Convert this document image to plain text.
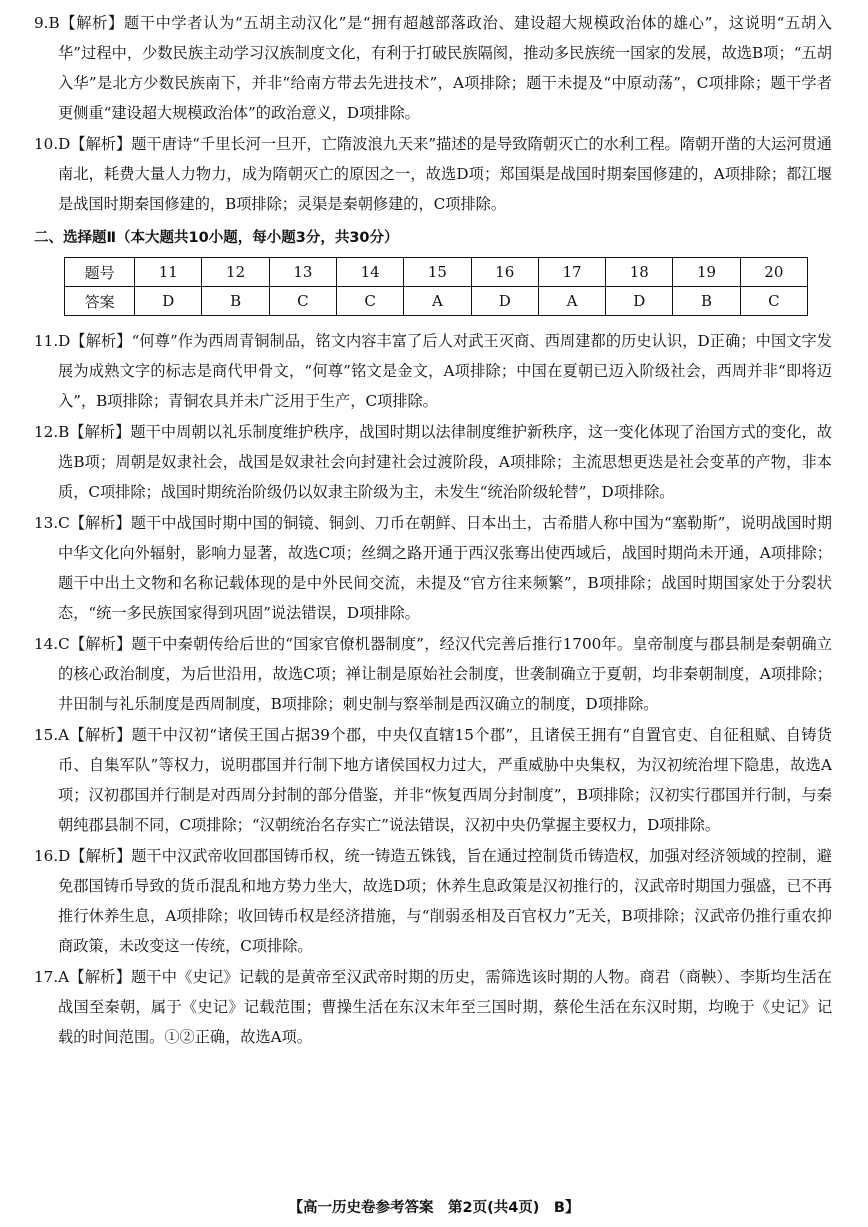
9.B【解析】题干中学者认为“五胡主动汉化”是“拥有超越部落政治、建设超大规模政治体的雄心”，这说明“五胡入华”过程中，少数民族主动学习汉族制度文化，有利于打破民族隔阂，推动多民族统一国家的发展，故选B项；“五胡入华”是北方少数民族南下，并非“给南方带去先进技术”，A项排除；题干未提及“中原动荡”，C项排除；题干学者更侧重“建设超大规模政治体”的政治意义，D项排除。

10.D【解析】题干唐诗“千里长河一旦开，亡隋波浪九天来”描述的是导致隋朝灭亡的水利工程。隋朝开凿的大运河贯通南北，耗费大量人力物力，成为隋朝灭亡的原因之一，故选D项；郑国渠是战国时期秦国修建的，A项排除；都江堰是战国时期秦国修建的，B项排除；灵渠是秦朝修建的，C项排除。

二、选择题Ⅱ（本大题共10小题，每小题3分，共30分）
题号	11	12	13	14	15	16	17	18	19	20
答案	D	B	C	C	A	D	A	D	B	C

11.D【解析】“何尊”作为西周青铜制品，铭文内容丰富了后人对武王灭商、西周建都的历史认识，D正确；中国文字发展为成熟文字的标志是商代甲骨文，“何尊”铭文是金文，A项排除；中国在夏朝已迈入阶级社会，西周并非“即将迈入”，B项排除；青铜农具并未广泛用于生产，C项排除。

12.B【解析】题干中周朝以礼乐制度维护秩序，战国时期以法律制度维护新秩序，这一变化体现了治国方式的变化，故选B项；周朝是奴隶社会，战国是奴隶社会向封建社会过渡阶段，A项排除；主流思想更迭是社会变革的产物，非本质，C项排除；战国时期统治阶级仍以奴隶主阶级为主，未发生“统治阶级轮替”，D项排除。

13.C【解析】题干中战国时期中国的铜镜、铜剑、刀币在朝鲜、日本出土，古希腊人称中国为“塞勒斯”，说明战国时期中华文化向外辐射，影响力显著，故选C项；丝绸之路开通于西汉张骞出使西域后，战国时期尚未开通，A项排除；题干中出土文物和名称记载体现的是中外民间交流，未提及“官方往来频繁”，B项排除；战国时期国家处于分裂状态，“统一多民族国家得到巩固”说法错误，D项排除。

14.C【解析】题干中秦朝传给后世的“国家官僚机器制度”，经汉代完善后推行1700年。皇帝制度与郡县制是秦朝确立的核心政治制度，为后世沿用，故选C项；禅让制是原始社会制度，世袭制确立于夏朝，均非秦朝制度，A项排除；井田制与礼乐制度是西周制度，B项排除；刺史制与察举制是西汉确立的制度，D项排除。

15.A【解析】题干中汉初“诸侯王国占据39个郡，中央仅直辖15个郡”，且诸侯王拥有“自置官吏、自征租赋、自铸货币、自集军队”等权力，说明郡国并行制下地方诸侯国权力过大，严重威胁中央集权，为汉初统治埋下隐患，故选A项；汉初郡国并行制是对西周分封制的部分借鉴，并非“恢复西周分封制度”，B项排除；汉初实行郡国并行制，与秦朝纯郡县制不同，C项排除；“汉朝统治名存实亡”说法错误，汉初中央仍掌握主要权力，D项排除。

16.D【解析】题干中汉武帝收回郡国铸币权，统一铸造五铢钱，旨在通过控制货币铸造权，加强对经济领域的控制，避免郡国铸币导致的货币混乱和地方势力坐大，故选D项；休养生息政策是汉初推行的，汉武帝时期国力强盛，已不再推行休养生息，A项排除；收回铸币权是经济措施，与“削弱丞相及百官权力”无关，B项排除；汉武帝仍推行重农抑商政策，未改变这一传统，C项排除。

17.A【解析】题干中《史记》记载的是黄帝至汉武帝时期的历史，需筛选该时期的人物。商君（商鞅）、李斯均生活在战国至秦朝，属于《史记》记载范围；曹操生活在东汉末年至三国时期，蔡伦生活在东汉时期，均晚于《史记》记载的时间范围。①②正确，故选A项。

【高一历史卷参考答案　第2页(共4页)　B】
